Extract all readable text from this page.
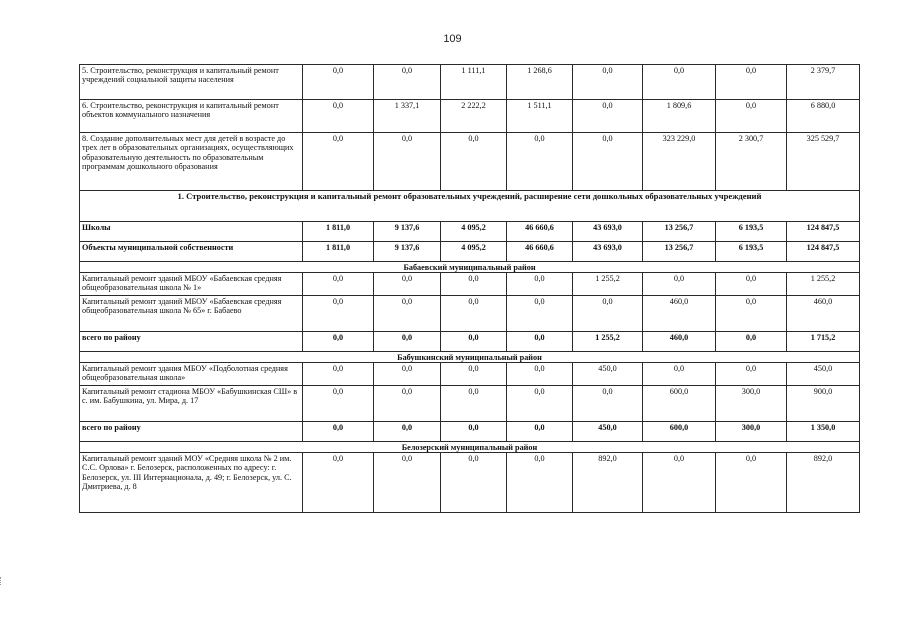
109
5. Строительство, реконструкция и капитальный ремонт учреждений социальной защиты населения	0,0	0,0	1 111,1	1 268,6	0,0	0,0	0,0	2 379,7
6. Строительство, реконструкция и капитальный ремонт объектов коммунального назначения	0,0	1 337,1	2 222,2	1 511,1	0,0	1 809,6	0,0	6 880,0
8. Создание дополнительных мест для детей в возрасте до трех лет в образовательных организациях, осуществляющих образовательную деятельность по образовательным программам дошкольного образования	0,0	0,0	0,0	0,0	0,0	323 229,0	2 300,7	325 529,7
1. Строительство, реконструкция и капитальный ремонт образовательных учреждений, расширение сети дошкольных образовательных учреждений								
Школы	1 811,0	9 137,6	4 095,2	46 660,6	43 693,0	13 256,7	6 193,5	124 847,5
Объекты муниципальной собственности	1 811,0	9 137,6	4 095,2	46 660,6	43 693,0	13 256,7	6 193,5	124 847,5
Бабаевский муниципальный район								
Капитальный ремонт зданий МБОУ «Бабаевская средняя общеобразовательная школа № 1»	0,0	0,0	0,0	0,0	1 255,2	0,0	0,0	1 255,2
Капитальный ремонт зданий МБОУ «Бабаевская средняя общеобразовательная школа № 65» г. Бабаево	0,0	0,0	0,0	0,0	0,0	460,0	0,0	460,0
всего по району	0,0	0,0	0,0	0,0	1 255,2	460,0	0,0	1 715,2
Бабушкинский муниципальный район								
Капитальный ремонт здания МБОУ «Подболотная средняя общеобразовательная школа»	0,0	0,0	0,0	0,0	450,0	0,0	0,0	450,0
Капитальный ремонт стадиона МБОУ «Бабушкинская СШ» в с. им. Бабушкина, ул. Мира, д. 17	0,0	0,0	0,0	0,0	0,0	600,0	300,0	900,0
всего по району	0,0	0,0	0,0	0,0	450,0	600,0	300,0	1 350,0
Белозерский муниципальный район								
Капитальный ремонт зданий МОУ «Средняя школа № 2 им. С.С. Орлова» г. Белозерск, расположенных по адресу: г. Белозерск, ул. III Интернационала, д. 49; г. Белозерск, ул. С. Дмитриева, д. 8	0,0	0,0	0,0	0,0	892,0	0,0	0,0	892,0
